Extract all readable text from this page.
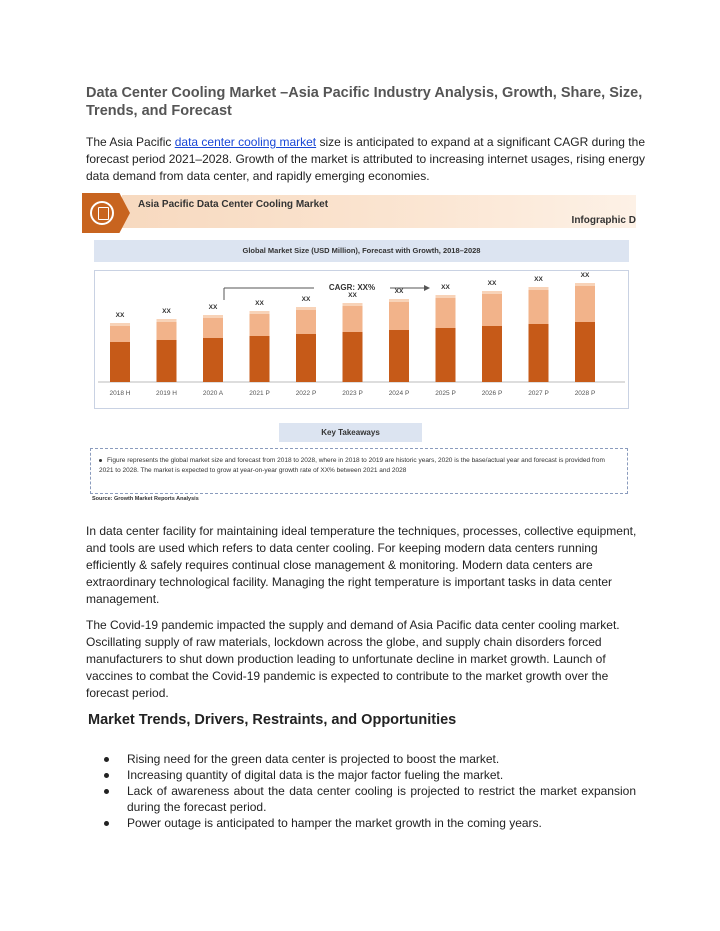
Data Center Cooling Market –Asia Pacific Industry Analysis, Growth, Share, Size, Trends, and Forecast
The Asia Pacific data center cooling market size is anticipated to expand at a significant CAGR during the forecast period 2021–2028. Growth of the market is attributed to increasing internet usages, rising energy data demand from data center, and rapidly emerging economies.
Asia Pacific Data Center Cooling Market
Infographic D
Global Market Size (USD Million), Forecast with Growth, 2018–2028
CAGR: XX%
XX
2018 H
XX
2019 H
XX
2020 A
XX
2021 P
XX
2022 P
XX
2023 P
XX
2024 P
XX
2025 P
XX
2026 P
XX
2027 P
XX
2028 P
Key Takeaways
Figure represents the global market size and forecast from 2018 to 2028, where in 2018 to 2019 are historic years, 2020 is the base/actual year and forecast is provided from 2021 to 2028. The market is expected to grow at year-on-year growth rate of XX% between 2021 and 2028
Source: Growth Market Reports Analysis
In data center facility for maintaining ideal temperature the techniques, processes, collective equipment, and tools are used which refers to data center cooling. For keeping modern data centers running efficiently & safely requires continual close management & monitoring. Modern data centers are extraordinary technological facility. Managing the right temperature is important tasks in data center management.
The Covid-19 pandemic impacted the supply and demand of Asia Pacific data center cooling market. Oscillating supply of raw materials, lockdown across the globe, and supply chain disorders forced manufacturers to shut down production leading to unfortunate decline in market growth. Launch of vaccines to combat the Covid-19 pandemic is expected to contribute to the market growth over the forecast period.
Market Trends, Drivers, Restraints, and Opportunities
Rising need for the green data center is projected to boost the market.
Increasing quantity of digital data is the major factor fueling the market.
Lack of awareness about the data center cooling is projected to restrict the market expansion during the forecast period.
Power outage is anticipated to hamper the market growth in the coming years.
